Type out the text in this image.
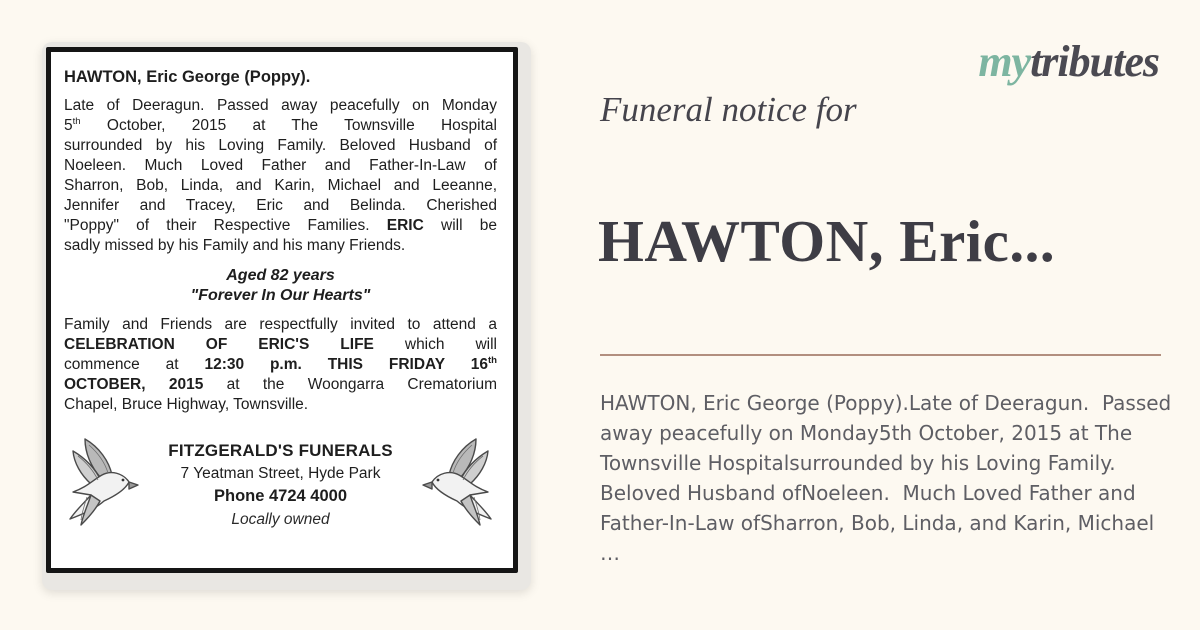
HAWTON, Eric George (Poppy).
Late of Deeragun. Passed away peacefully on Monday
5th October, 2015 at The Townsville Hospital
surrounded by his Loving Family. Beloved Husband of
Noeleen. Much Loved Father and Father-In-Law of
Sharron, Bob, Linda, and Karin, Michael and Leeanne,
Jennifer and Tracey, Eric and Belinda. Cherished
"Poppy" of their Respective Families. ERIC will be
sadly missed by his Family and his many Friends.
Aged 82 years
"Forever In Our Hearts"
Family and Friends are respectfully invited to attend a
CELEBRATION OF ERIC'S LIFE which will
commence at 12:30 p.m. THIS FRIDAY 16th
OCTOBER, 2015 at the Woongarra Crematorium
Chapel, Bruce Highway, Townsville.
FITZGERALD'S FUNERALS
7 Yeatman Street, Hyde Park
Phone 4724 4000
Locally owned
mytributes
Funeral notice for
HAWTON, Eric...
HAWTON, Eric George (Poppy).Late of Deeragun.  Passed away peacefully on Monday5th October, 2015 at The Townsville Hospitalsurrounded by his Loving Family.  Beloved Husband ofNoeleen.  Much Loved Father and Father-In-Law ofSharron, Bob, Linda, and Karin, Michael
…
